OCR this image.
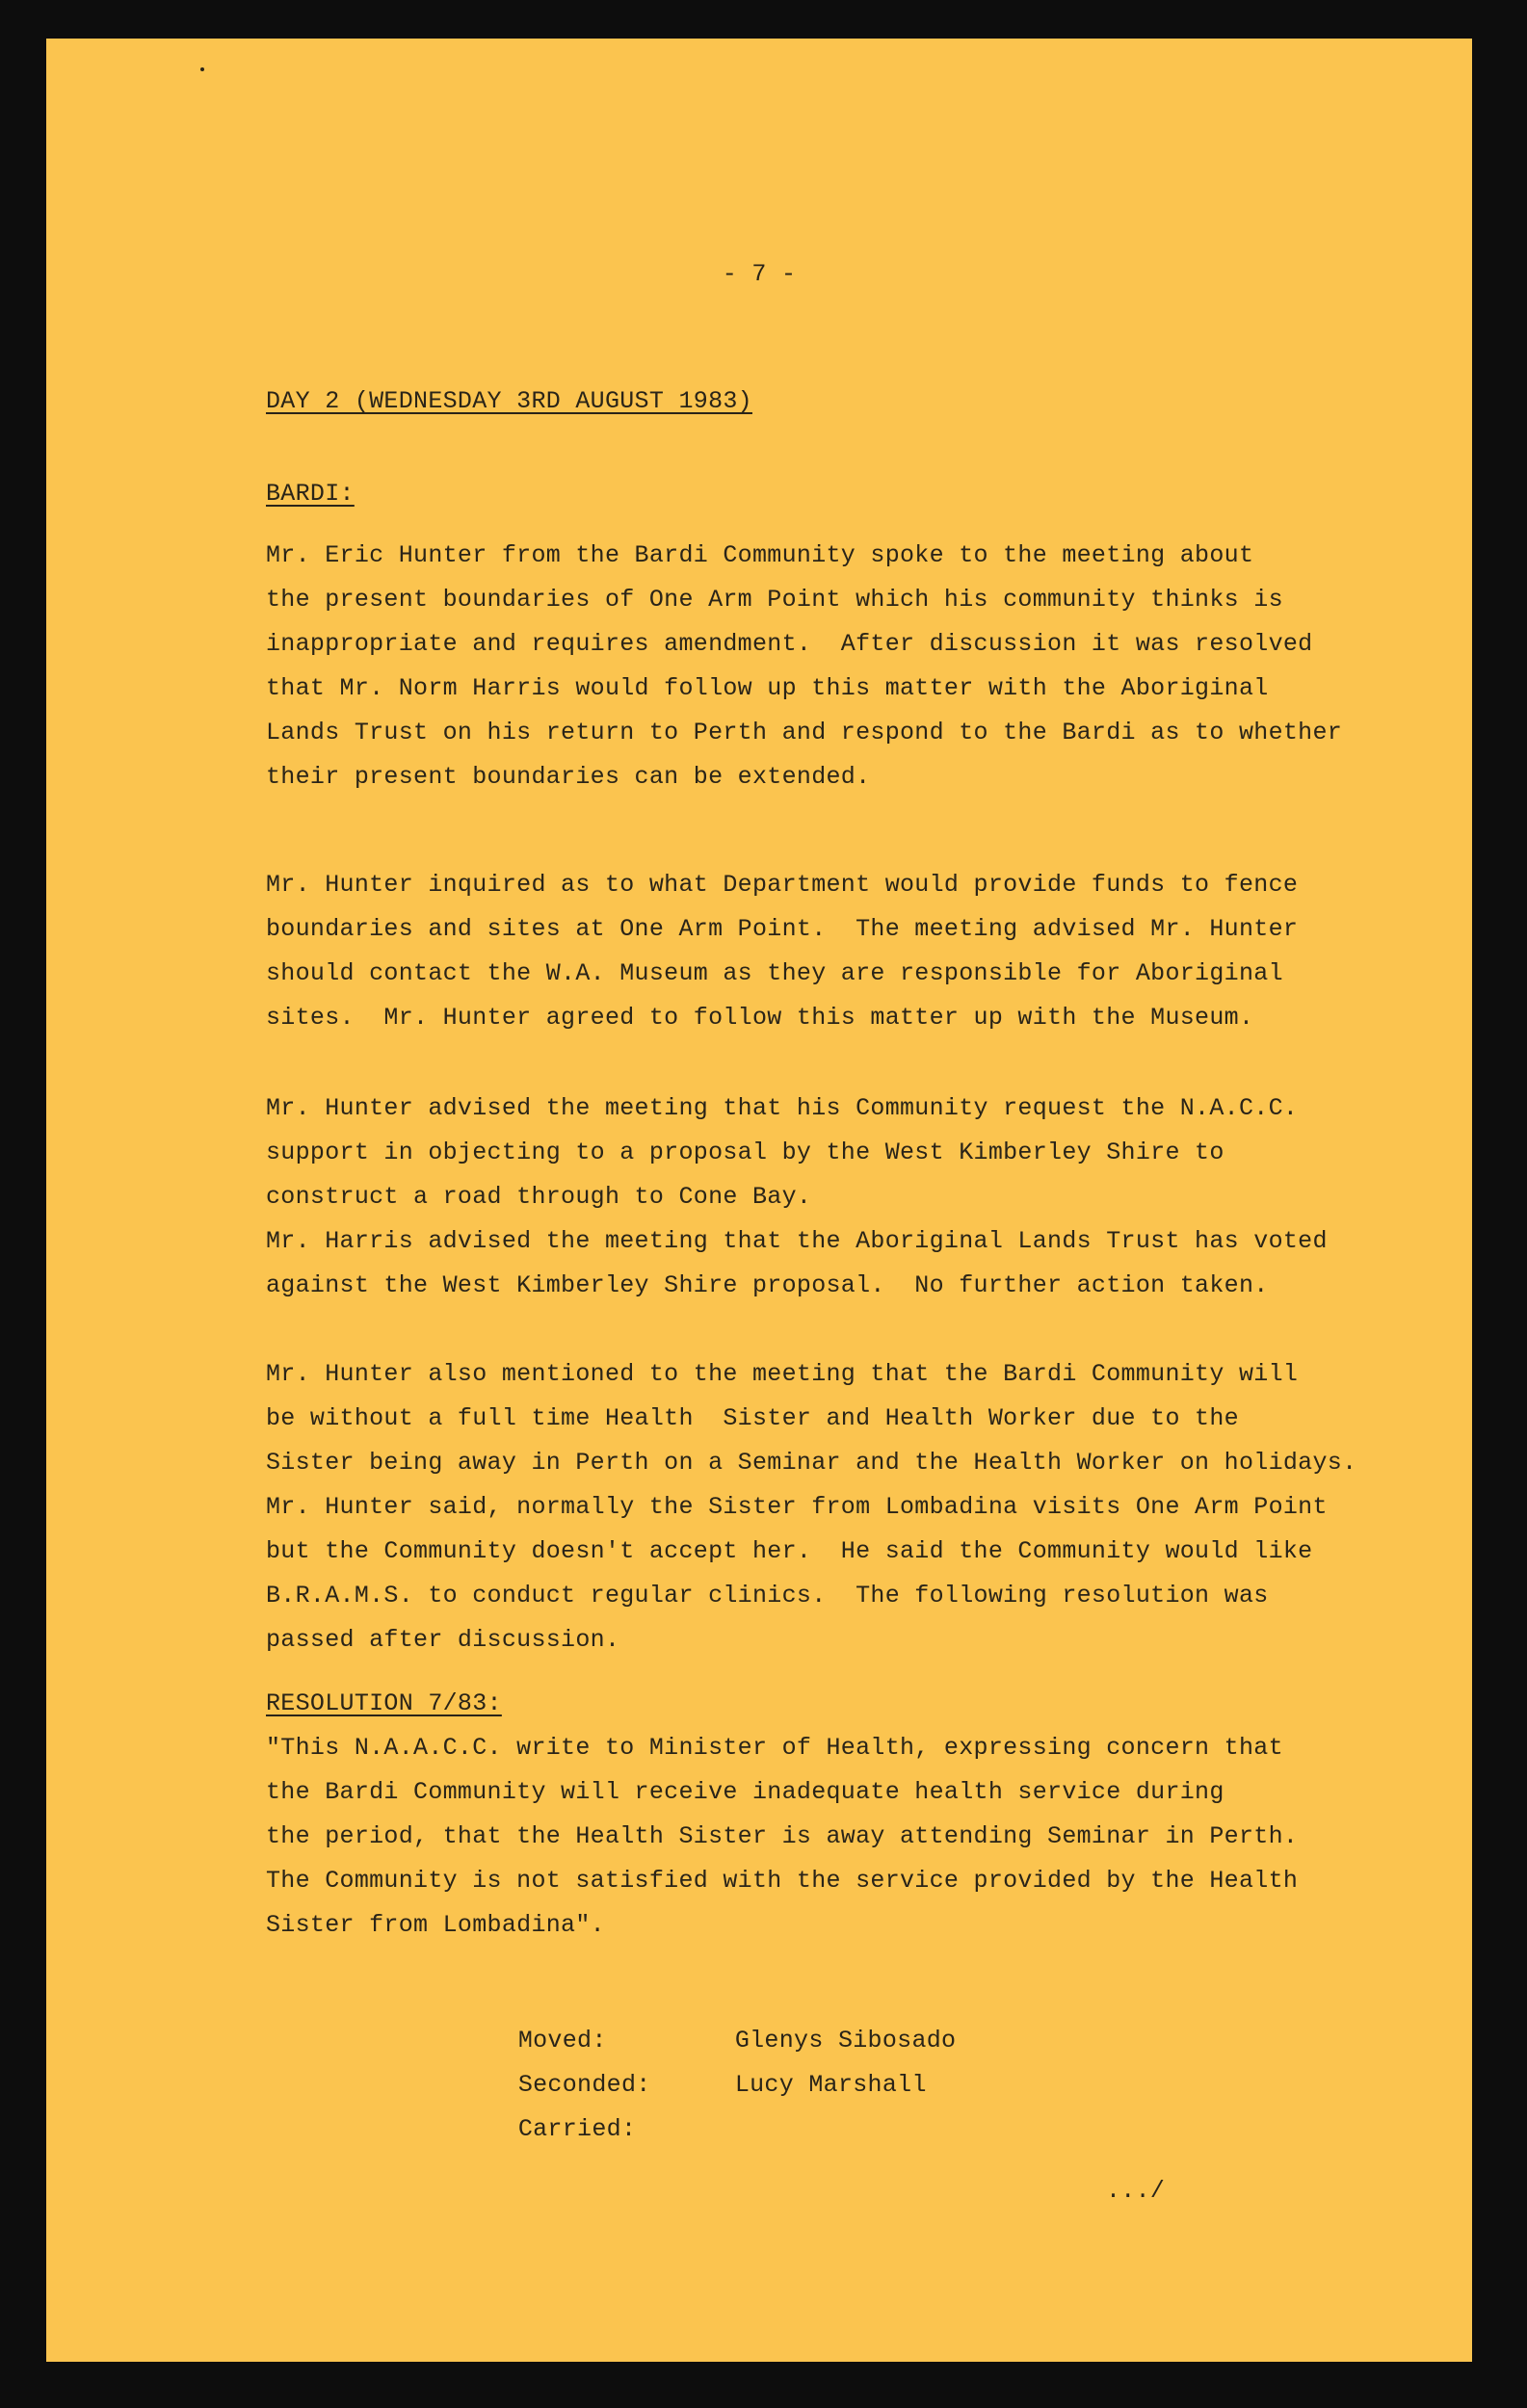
- 7 -

DAY 2 (WEDNESDAY 3RD AUGUST 1983)

BARDI:

Mr. Eric Hunter from the Bardi Community spoke to the meeting about
the present boundaries of One Arm Point which his community thinks is
inappropriate and requires amendment.  After discussion it was resolved
that Mr. Norm Harris would follow up this matter with the Aboriginal
Lands Trust on his return to Perth and respond to the Bardi as to whether
their present boundaries can be extended.
Mr. Hunter inquired as to what Department would provide funds to fence
boundaries and sites at One Arm Point.  The meeting advised Mr. Hunter
should contact the W.A. Museum as they are responsible for Aboriginal
sites.  Mr. Hunter agreed to follow this matter up with the Museum.
Mr. Hunter advised the meeting that his Community request the N.A.C.C.
support in objecting to a proposal by the West Kimberley Shire to
construct a road through to Cone Bay.
Mr. Harris advised the meeting that the Aboriginal Lands Trust has voted
against the West Kimberley Shire proposal.  No further action taken.
Mr. Hunter also mentioned to the meeting that the Bardi Community will
be without a full time Health  Sister and Health Worker due to the
Sister being away in Perth on a Seminar and the Health Worker on holidays.
Mr. Hunter said, normally the Sister from Lombadina visits One Arm Point
but the Community doesn't accept her.  He said the Community would like
B.R.A.M.S. to conduct regular clinics.  The following resolution was
passed after discussion.

RESOLUTION 7/83:

"This N.A.A.C.C. write to Minister of Health, expressing concern that
the Bardi Community will receive inadequate health service during
the period, that the Health Sister is away attending Seminar in Perth.
The Community is not satisfied with the service provided by the Health
Sister from Lombadina".

Moved:	Glenys Sibosado

Seconded:	Lucy Marshall

Carried:

.../
